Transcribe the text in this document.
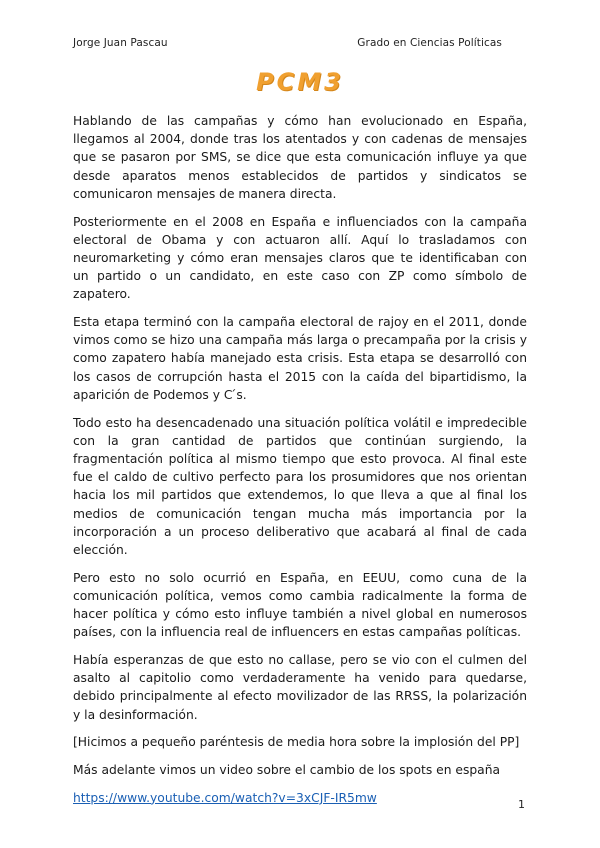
Jorge Juan Pascau	Grado en Ciencias Políticas
PCM3

Hablando de las campañas y cómo han evolucionado en España, llegamos al 2004, donde tras los atentados y con cadenas de mensajes que se pasaron por SMS, se dice que esta comunicación influye ya que desde aparatos menos establecidos de partidos y sindicatos se comunicaron mensajes de manera directa.

Posteriormente en el 2008 en España e influenciados con la campaña electoral de Obama y con actuaron allí. Aquí lo trasladamos con neuromarketing y cómo eran mensajes claros que te identificaban con un partido o un candidato, en este caso con ZP como símbolo de zapatero.

Esta etapa terminó con la campaña electoral de rajoy en el 2011, donde vimos como se hizo una campaña más larga o precampaña por la crisis y como zapatero había manejado esta crisis. Esta etapa se desarrolló con los casos de corrupción hasta el 2015 con la caída del bipartidismo, la aparición de Podemos y C ́s.

Todo esto ha desencadenado una situación política volátil e impredecible con la gran cantidad de partidos que continúan surgiendo, la fragmentación política al mismo tiempo que esto provoca. Al final este fue el caldo de cultivo perfecto para los prosumidores que nos orientan hacia los mil partidos que extendemos, lo que lleva a que al final los medios de comunicación tengan mucha más importancia por la incorporación a un proceso deliberativo que acabará al final de cada elección.

Pero esto no solo ocurrió en España, en EEUU, como cuna de la comunicación política, vemos como cambia radicalmente la forma de hacer política y cómo esto influye también a nivel global en numerosos países, con la influencia real de influencers en estas campañas políticas.

Había esperanzas de que esto no callase, pero se vio con el culmen del asalto al capitolio como verdaderamente ha venido para quedarse, debido principalmente al efecto movilizador de las RRSS, la polarización y la desinformación.

[Hicimos a pequeño paréntesis de media hora sobre la implosión del PP]

Más adelante vimos un video sobre el cambio de los spots en españa

https://www.youtube.com/watch?v=3xCJF-IR5mw	1
